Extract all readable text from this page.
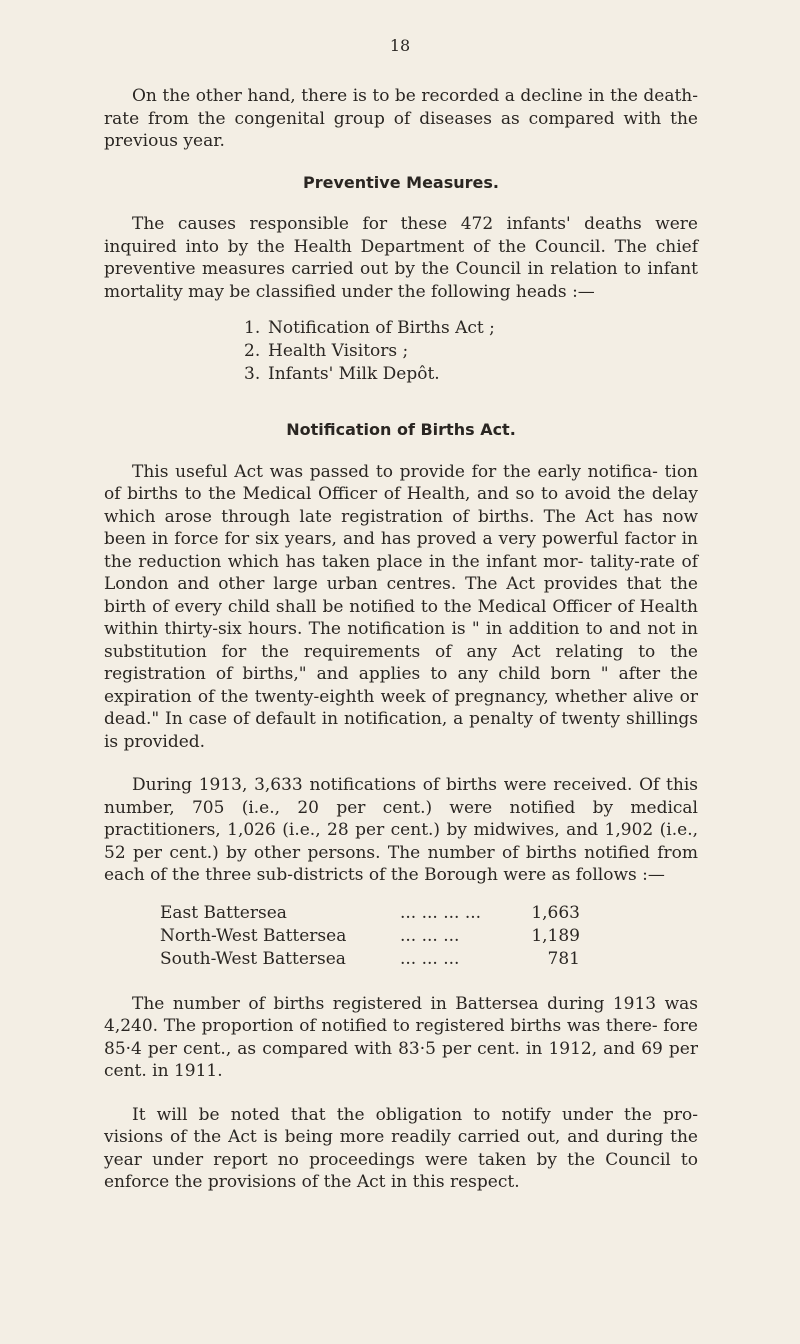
18

On the other hand, there is to be recorded a decline in the death-rate from the congenital group of diseases as compared with the previous year.

Preventive Measures.

The causes responsible for these 472 infants' deaths were inquired into by the Health Department of the Council. The chief preventive measures carried out by the Council in relation to infant mortality may be classified under the following heads :—

1. Notification of Births Act ;
2. Health Visitors ;
3. Infants' Milk Depôt.
Notification of Births Act.

This useful Act was passed to provide for the early notifica- tion of births to the Medical Officer of Health, and so to avoid the delay which arose through late registration of births. The Act has now been in force for six years, and has proved a very powerful factor in the reduction which has taken place in the infant mor- tality-rate of London and other large urban centres. The Act provides that the birth of every child shall be notified to the Medical Officer of Health within thirty-six hours. The notification is " in addition to and not in substitution for the requirements of any Act relating to the registration of births," and applies to any child born " after the expiration of the twenty-eighth week of pregnancy, whether alive or dead." In case of default in notification, a penalty of twenty shillings is provided.

During 1913, 3,633 notifications of births were received. Of this number, 705 (i.e., 20 per cent.) were notified by medical practitioners, 1,026 (i.e., 28 per cent.) by midwives, and 1,902 (i.e., 52 per cent.) by other persons. The number of births notified from each of the three sub-districts of the Borough were as follows :—

East Battersea	... ... ... ...	1,663
North-West Battersea	... ... ...	1,189
South-West Battersea	... ... ...	781

The number of births registered in Battersea during 1913 was 4,240. The proportion of notified to registered births was there- fore 85·4 per cent., as compared with 83·5 per cent. in 1912, and 69 per cent. in 1911.

It will be noted that the obligation to notify under the pro- visions of the Act is being more readily carried out, and during the year under report no proceedings were taken by the Council to enforce the provisions of the Act in this respect.
